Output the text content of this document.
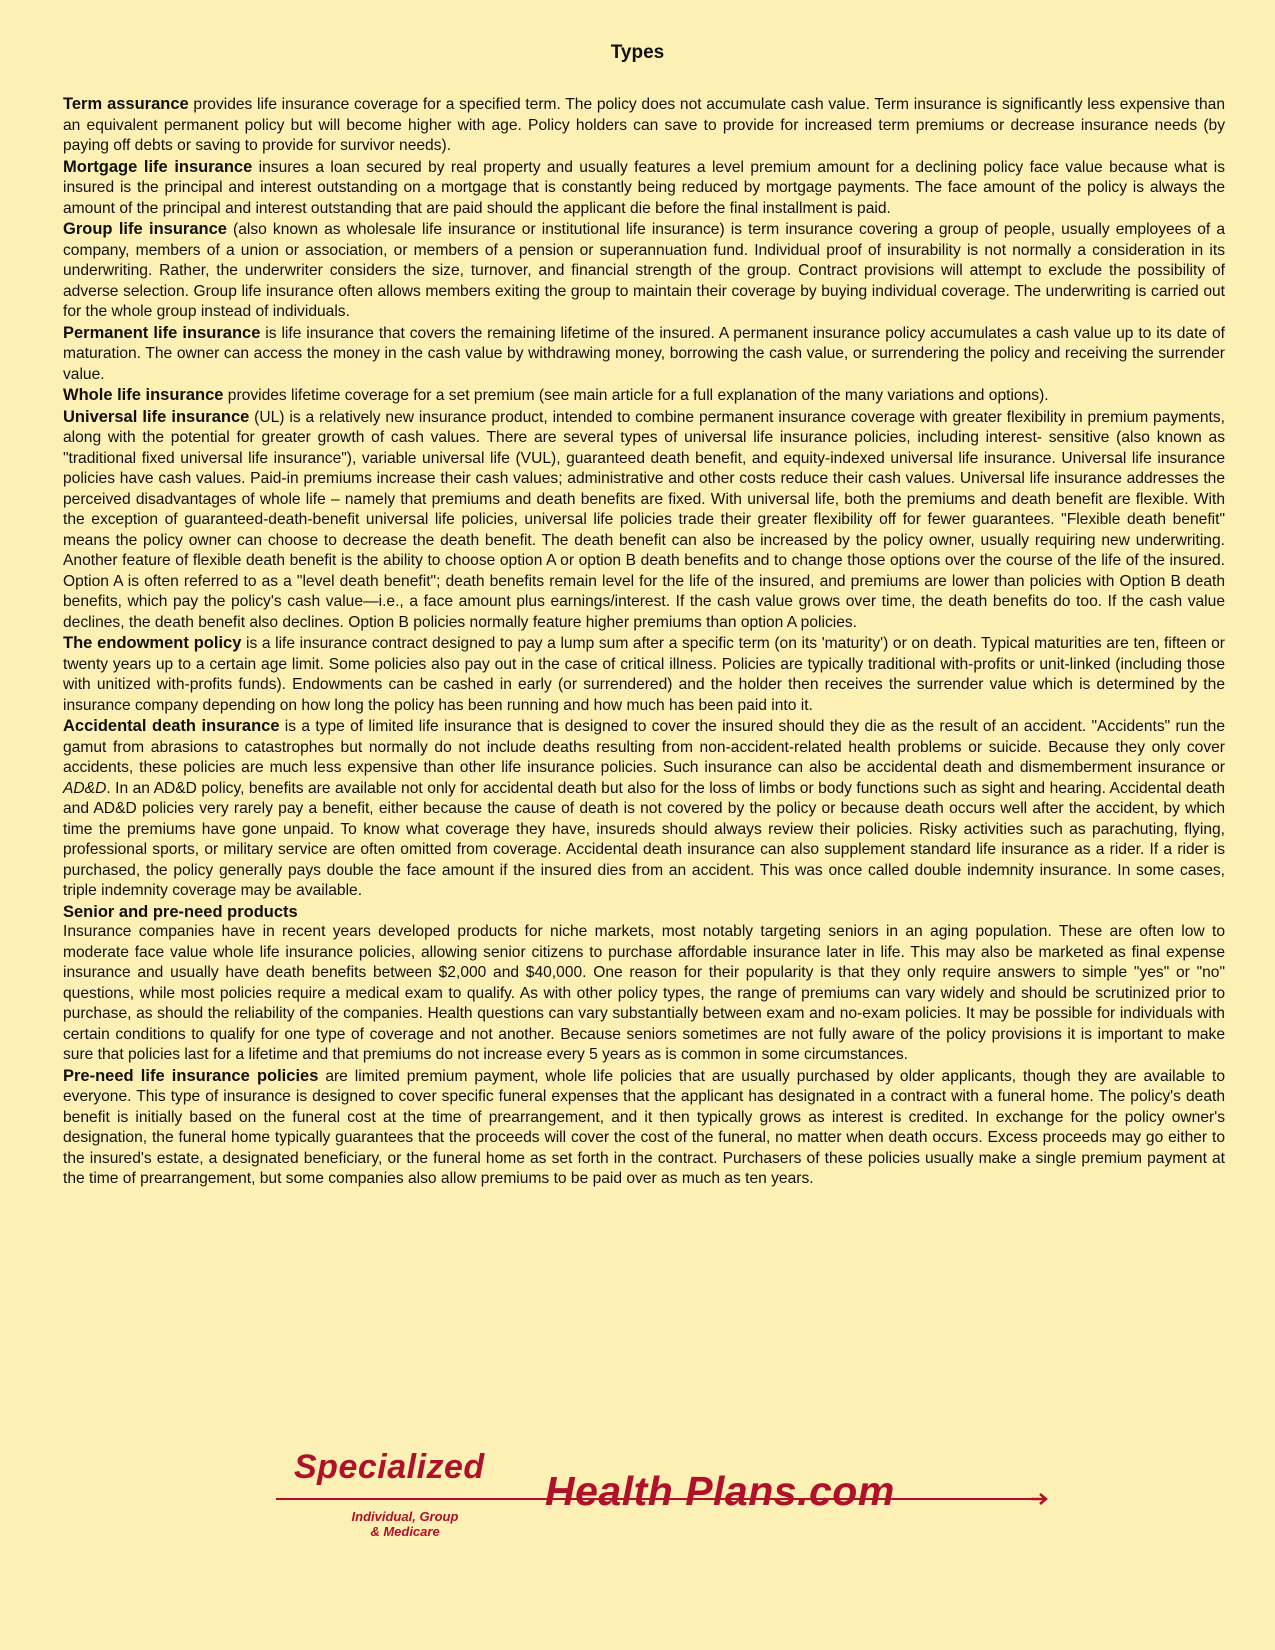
Types

Term assurance provides life insurance coverage for a specified term. The policy does not accumulate cash value. Term insurance is significantly less expensive than an equivalent permanent policy but will become higher with age. Policy holders can save to provide for increased term premiums or decrease insurance needs (by paying off debts or saving to provide for survivor needs).

Mortgage life insurance insures a loan secured by real property and usually features a level premium amount for a declining policy face value because what is insured is the principal and interest outstanding on a mortgage that is constantly being reduced by mortgage payments. The face amount of the policy is always the amount of the principal and interest outstanding that are paid should the applicant die before the final installment is paid.

Group life insurance (also known as wholesale life insurance or institutional life insurance) is term insurance covering a group of people, usually employees of a company, members of a union or association, or members of a pension or superannuation fund. Individual proof of insurability is not normally a consideration in its underwriting. Rather, the underwriter considers the size, turnover, and financial strength of the group. Contract provisions will attempt to exclude the possibility of adverse selection. Group life insurance often allows members exiting the group to maintain their coverage by buying individual coverage. The underwriting is carried out for the whole group instead of individuals.

Permanent life insurance is life insurance that covers the remaining lifetime of the insured. A permanent insurance policy accumulates a cash value up to its date of maturation. The owner can access the money in the cash value by withdrawing money, borrowing the cash value, or surrendering the policy and receiving the surrender value.

Whole life insurance provides lifetime coverage for a set premium (see main article for a full explanation of the many variations and options).

Universal life insurance (UL) is a relatively new insurance product, intended to combine permanent insurance coverage with greater flexibility in premium payments, along with the potential for greater growth of cash values. There are several types of universal life insurance policies, including interest- sensitive (also known as "traditional fixed universal life insurance"), variable universal life (VUL), guaranteed death benefit, and equity-indexed universal life insurance. Universal life insurance policies have cash values. Paid-in premiums increase their cash values; administrative and other costs reduce their cash values. Universal life insurance addresses the perceived disadvantages of whole life – namely that premiums and death benefits are fixed. With universal life, both the premiums and death benefit are flexible. With the exception of guaranteed-death-benefit universal life policies, universal life policies trade their greater flexibility off for fewer guarantees. "Flexible death benefit" means the policy owner can choose to decrease the death benefit. The death benefit can also be increased by the policy owner, usually requiring new underwriting. Another feature of flexible death benefit is the ability to choose option A or option B death benefits and to change those options over the course of the life of the insured. Option A is often referred to as a "level death benefit"; death benefits remain level for the life of the insured, and premiums are lower than policies with Option B death benefits, which pay the policy's cash value—i.e., a face amount plus earnings/interest. If the cash value grows over time, the death benefits do too. If the cash value declines, the death benefit also declines. Option B policies normally feature higher premiums than option A policies.

The endowment policy is a life insurance contract designed to pay a lump sum after a specific term (on its 'maturity') or on death. Typical maturities are ten, fifteen or twenty years up to a certain age limit. Some policies also pay out in the case of critical illness. Policies are typically traditional with-profits or unit-linked (including those with unitized with-profits funds). Endowments can be cashed in early (or surrendered) and the holder then receives the surrender value which is determined by the insurance company depending on how long the policy has been running and how much has been paid into it.

Accidental death insurance is a type of limited life insurance that is designed to cover the insured should they die as the result of an accident. "Accidents" run the gamut from abrasions to catastrophes but normally do not include deaths resulting from non-accident-related health problems or suicide. Because they only cover accidents, these policies are much less expensive than other life insurance policies. Such insurance can also be accidental death and dismemberment insurance or AD&D. In an AD&D policy, benefits are available not only for accidental death but also for the loss of limbs or body functions such as sight and hearing. Accidental death and AD&D policies very rarely pay a benefit, either because the cause of death is not covered by the policy or because death occurs well after the accident, by which time the premiums have gone unpaid. To know what coverage they have, insureds should always review their policies. Risky activities such as parachuting, flying, professional sports, or military service are often omitted from coverage. Accidental death insurance can also supplement standard life insurance as a rider. If a rider is purchased, the policy generally pays double the face amount if the insured dies from an accident. This was once called double indemnity insurance. In some cases, triple indemnity coverage may be available.

Senior and pre-need products

Insurance companies have in recent years developed products for niche markets, most notably targeting seniors in an aging population. These are often low to moderate face value whole life insurance policies, allowing senior citizens to purchase affordable insurance later in life. This may also be marketed as final expense insurance and usually have death benefits between $2,000 and $40,000. One reason for their popularity is that they only require answers to simple "yes" or "no" questions, while most policies require a medical exam to qualify. As with other policy types, the range of premiums can vary widely and should be scrutinized prior to purchase, as should the reliability of the companies. Health questions can vary substantially between exam and no-exam policies. It may be possible for individuals with certain conditions to qualify for one type of coverage and not another. Because seniors sometimes are not fully aware of the policy provisions it is important to make sure that policies last for a lifetime and that premiums do not increase every 5 years as is common in some circumstances.

Pre-need life insurance policies are limited premium payment, whole life policies that are usually purchased by older applicants, though they are available to everyone. This type of insurance is designed to cover specific funeral expenses that the applicant has designated in a contract with a funeral home. The policy's death benefit is initially based on the funeral cost at the time of prearrangement, and it then typically grows as interest is credited. In exchange for the policy owner's designation, the funeral home typically guarantees that the proceeds will cover the cost of the funeral, no matter when death occurs. Excess proceeds may go either to the insured's estate, a designated beneficiary, or the funeral home as set forth in the contract. Purchasers of these policies usually make a single premium payment at the time of prearrangement, but some companies also allow premiums to be paid over as much as ten years.

Specialized
Health Plans.com
Individual, Group
& Medicare
